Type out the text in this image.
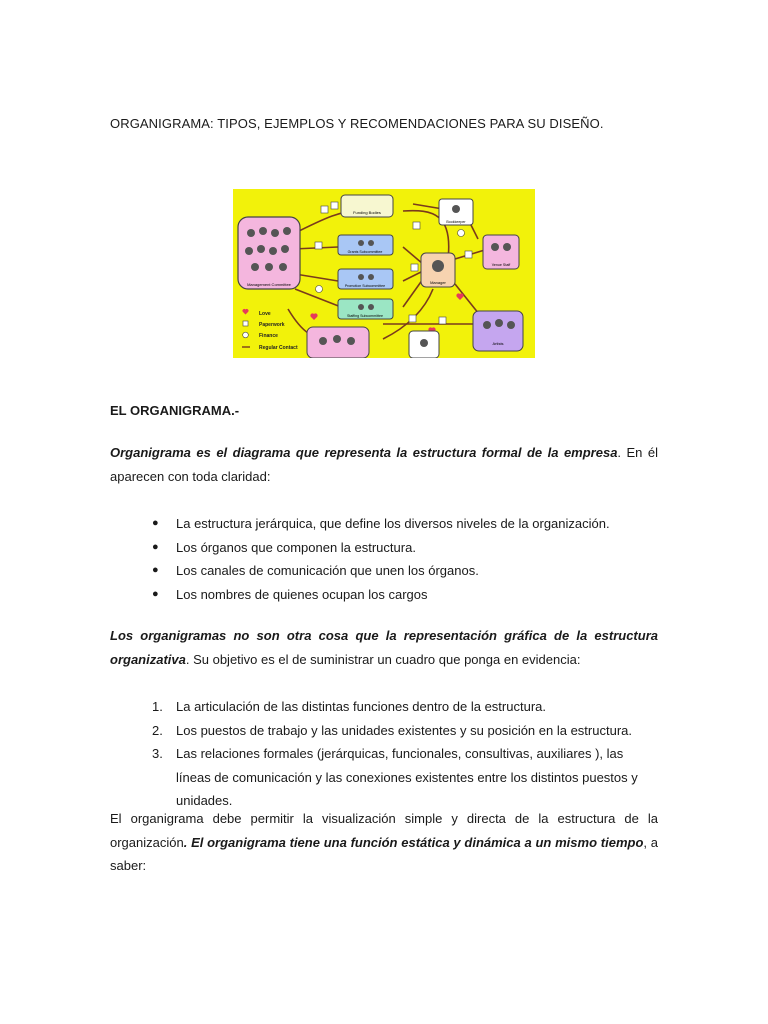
ORGANIGRAMA: TIPOS, EJEMPLOS Y RECOMENDACIONES PARA SU DISEÑO.
Management Committee
Funding Bodies
Grants Subcommittee
Promotion Subcommittee
Staffing Subcommittee
Bookkeeper
Manager
Venue Staff
Artists
Love
Paperwork
Finance
Regular Contact
EL ORGANIGRAMA.-

Organigrama es el diagrama que representa la estructura formal de la empresa. En él aparecen con toda claridad:

● La estructura jerárquica, que define los diversos niveles de la organización.
● Los órganos que componen la estructura.
● Los canales de comunicación que unen los órganos.
● Los nombres de quienes ocupan los cargos

Los organigramas no son otra cosa que la representación gráfica de la estructura organizativa. Su objetivo es el de suministrar un cuadro que ponga en evidencia:

1. La articulación de las distintas funciones dentro de la estructura.
2. Los puestos de trabajo y las unidades existentes y su posición en la estructura.
3. Las relaciones formales (jerárquicas, funcionales, consultivas, auxiliares ), las líneas de comunicación y las conexiones existentes entre los distintos puestos y unidades.

El organigrama debe permitir la visualización simple y directa de la estructura de la organización. El organigrama tiene una función estática y dinámica a un mismo tiempo, a saber:
